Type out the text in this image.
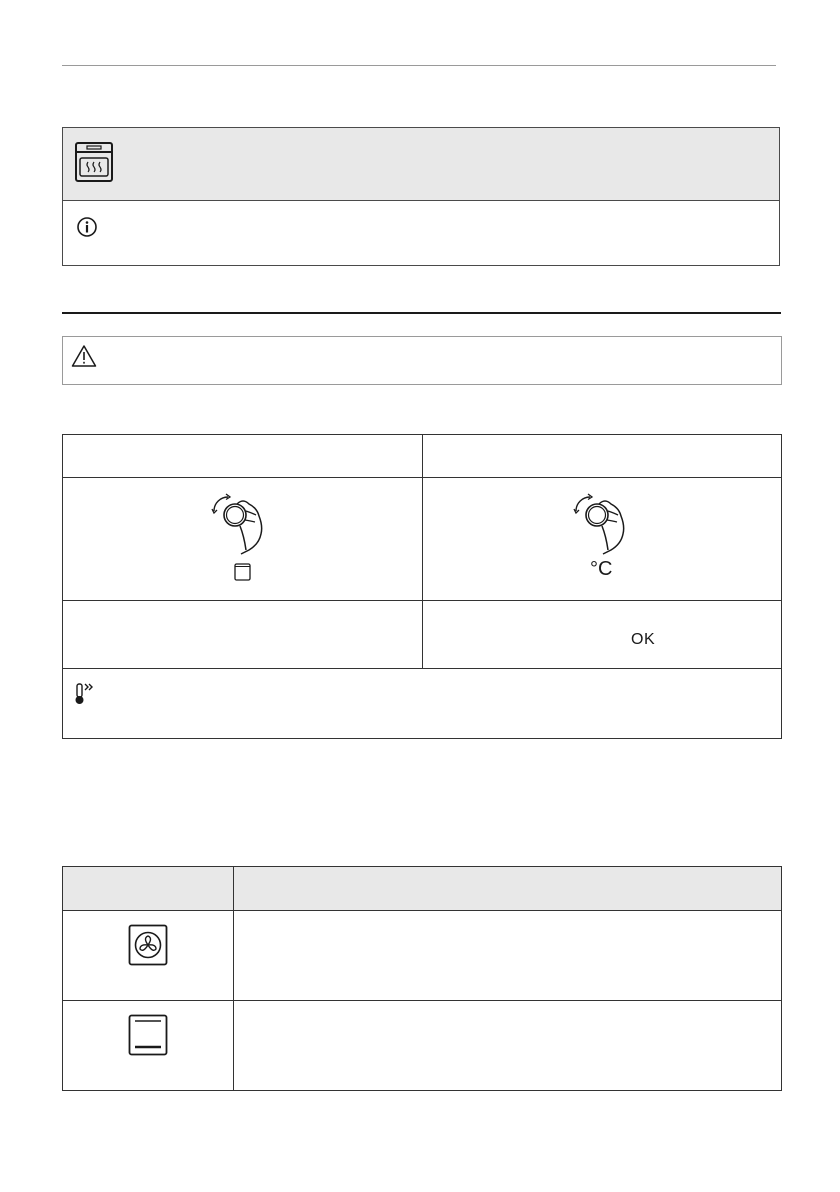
°C
OK
